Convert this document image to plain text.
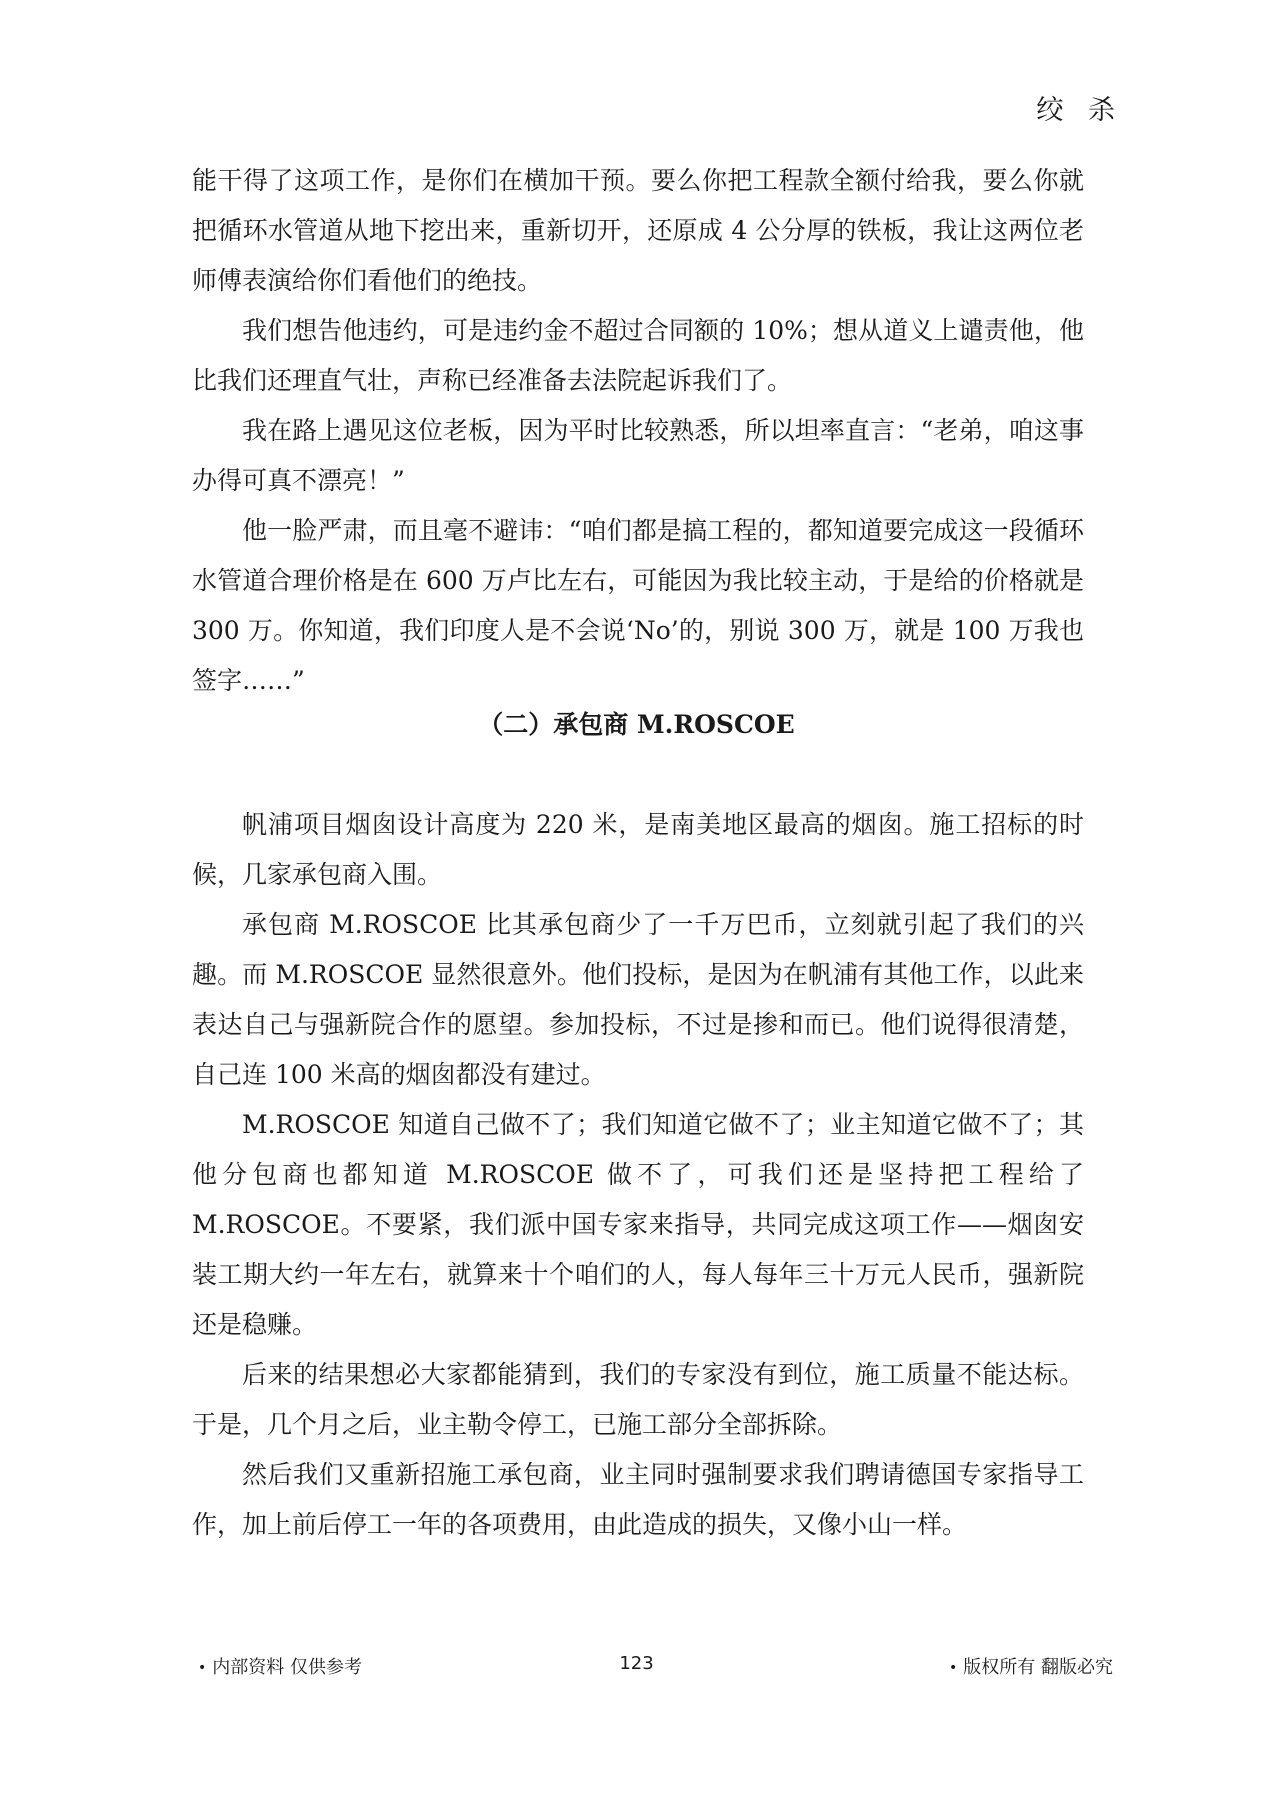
绞 杀

能干得了这项工作，是你们在横加干预。要么你把工程款全额付给我，要么你就把循环水管道从地下挖出来，重新切开，还原成 4 公分厚的铁板，我让这两位老师傅表演给你们看他们的绝技。

我们想告他违约，可是违约金不超过合同额的 10%；想从道义上谴责他，他比我们还理直气壮，声称已经准备去法院起诉我们了。

我在路上遇见这位老板，因为平时比较熟悉，所以坦率直言：“老弟，咱这事办得可真不漂亮！”

他一脸严肃，而且毫不避讳：“咱们都是搞工程的，都知道要完成这一段循环水管道合理价格是在 600 万卢比左右，可能因为我比较主动，于是给的价格就是 300 万。你知道，我们印度人是不会说‘No’的，别说 300 万，就是 100 万我也签字……”

（二）承包商 M.ROSCOE

帆浦项目烟囱设计高度为 220 米，是南美地区最高的烟囱。施工招标的时候，几家承包商入围。

承包商 M.ROSCOE 比其承包商少了一千万巴币，立刻就引起了我们的兴趣。而 M.ROSCOE 显然很意外。他们投标，是因为在帆浦有其他工作，以此来表达自己与强新院合作的愿望。参加投标，不过是掺和而已。他们说得很清楚，自己连 100 米高的烟囱都没有建过。

M.ROSCOE 知道自己做不了；我们知道它做不了；业主知道它做不了；其他分包商也都知道 M.ROSCOE 做不了，可我们还是坚持把工程给了 M.ROSCOE。不要紧，我们派中国专家来指导，共同完成这项工作——烟囱安装工期大约一年左右，就算来十个咱们的人，每人每年三十万元人民币，强新院还是稳赚。

后来的结果想必大家都能猜到，我们的专家没有到位，施工质量不能达标。于是，几个月之后，业主勒令停工，已施工部分全部拆除。

然后我们又重新招施工承包商，业主同时强制要求我们聘请德国专家指导工作，加上前后停工一年的各项费用，由此造成的损失，又像小山一样。

• 内部资料 仅供参考	123	• 版权所有 翻版必究
